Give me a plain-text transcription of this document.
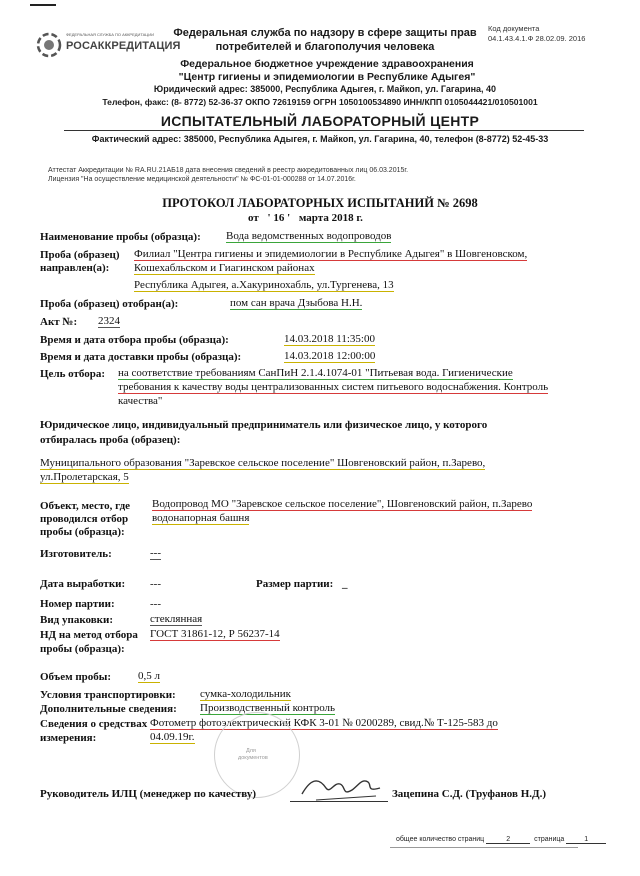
ФЕДЕРАЛЬНАЯ СЛУЖБА ПО АККРЕДИТАЦИИ
РОСАККРЕДИТАЦИЯ
Код документа
04.1.43.4.1.Ф 28.02.09. 2016
Федеральная служба по надзору в сфере защиты прав
потребителей и благополучия человека
Федеральное бюджетное учреждение здравоохранения
"Центр гигиены и эпидемиологии в Республике Адыгея"
Юридический адрес: 385000, Республика Адыгея, г. Майкоп, ул. Гагарина, 40
Телефон, факс: (8- 8772) 52-36-37 ОКПО 72619159 ОГРН 1050100534890 ИНН/КПП 0105044421/010501001
ИСПЫТАТЕЛЬНЫЙ ЛАБОРАТОРНЫЙ ЦЕНТР
Фактический адрес: 385000, Республика Адыгея, г. Майкоп, ул. Гагарина, 40, телефон (8-8772) 52-45-33
Аттестат Аккредитации № RA.RU.21АБ18 дата внесения сведений в реестр аккредитованных лиц 06.03.2015г.
Лицензия "На осуществление медицинской деятельности" № ФС-01-01-000288 от 14.07.2016г.
ПРОТОКОЛ ЛАБОРАТОРНЫХ ИСПЫТАНИЙ № 2698
от ' 16 ' марта 2018 г.
Наименование пробы (образца): Вода ведомственных водопроводов
Проба (образец)
направлен(а):
Филиал "Центра гигиены и эпидемиологии в Республике Адыгея" в Шовгеновском,
Кошехабльском и Гиагинском районах
Республика Адыгея, а.Хакуринохабль, ул.Тургенева, 13
Проба (образец) отобран(а):	пом сан врача Дзыбова Н.Н.
Акт №: 2324
Время и дата отбора пробы (образца):	14.03.2018 11:35:00
Время и дата доставки пробы (образца):	14.03.2018 12:00:00
Цель отбора: на соответствие требованиям СанПиН 2.1.4.1074-01 "Питьевая вода. Гигиенические
требования к качеству воды централизованных систем питьевого водоснабжения. Контроль
качества"
Юридическое лицо, индивидуальный предприниматель или физическое лицо, у которого
отбиралась проба (образец):
Муниципального образования "Заревское сельское поселение" Шовгеновский район, п.Зарево,
ул.Пролетарская, 5
Объект, место, где
проводился отбор
пробы (образца):
Водопровод МО "Заревское сельское поселение", Шовгеновский район, п.Зарево
водонапорная башня
Изготовитель:	---
Дата выработки: ---	Размер партии: _
Номер партии:	---
Вид упаковки:	стеклянная
НД на метод отбора
пробы (образца):
ГОСТ 31861-12, Р 56237-14
Объем пробы: 0,5 л
Условия транспортировки: сумка-холодильник
Дополнительные сведения: Производственный контроль
Сведения о средствах
измерения:
Фотометр фотоэлектрический КФК 3-01 № 0200289, свид.№ Т-125-583 до
04.09.19г.
Для
документов
Руководитель ИЛЦ (менеджер по качеству)	Зацепина С.Д. (Труфанов Н.Д.)
общее количество страниц	2	страница	1
